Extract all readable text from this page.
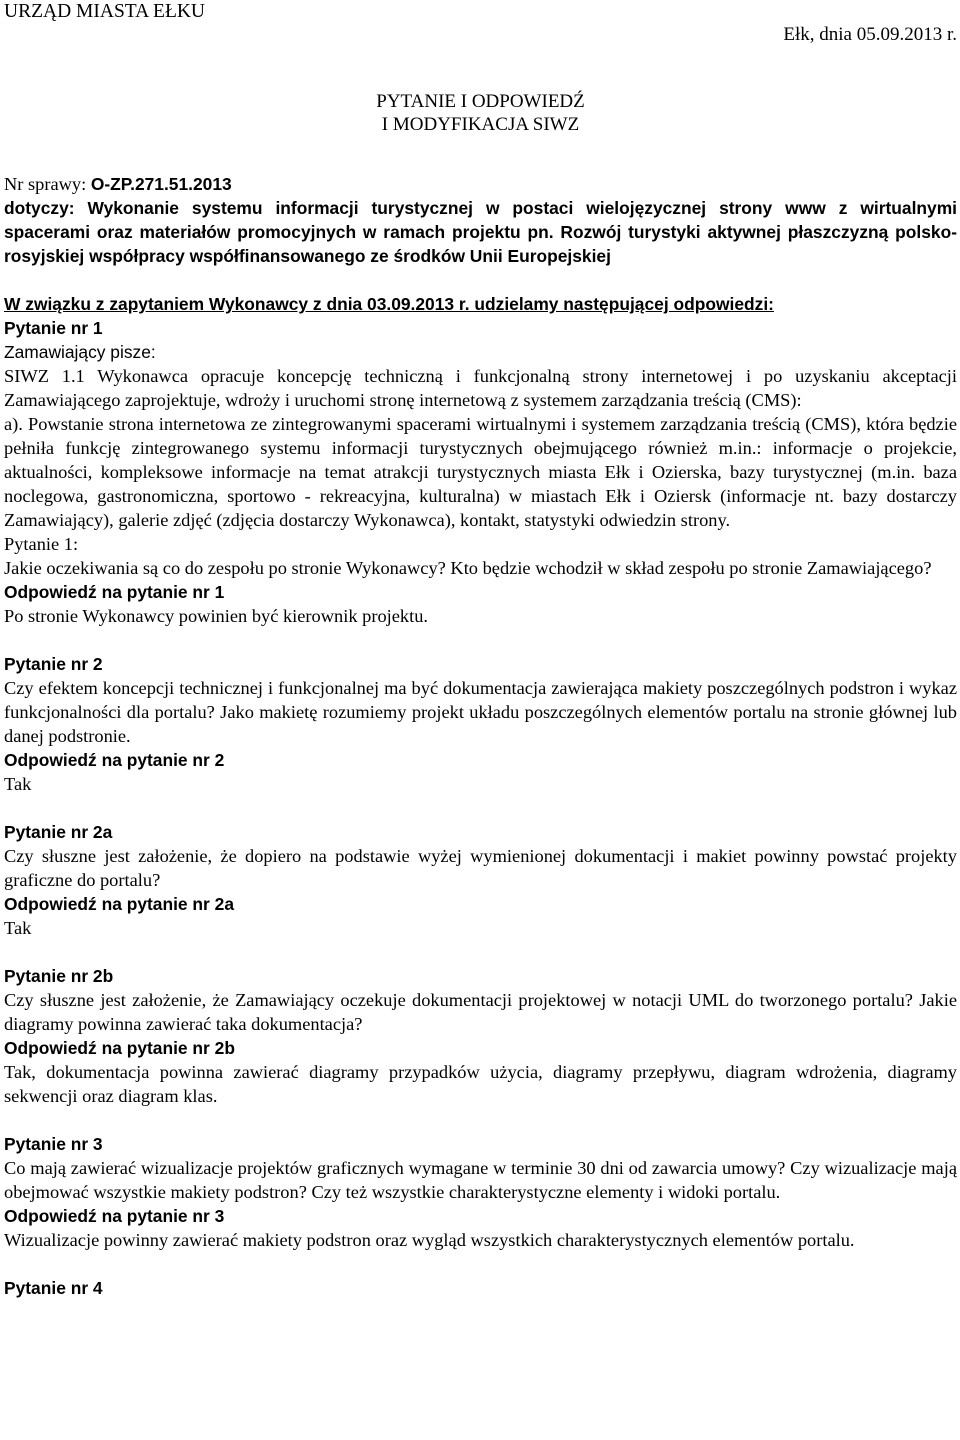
URZĄD MIASTA EŁKU
Ełk, dnia 05.09.2013 r.
PYTANIE I ODPOWIEDŹ
I MODYFIKACJA SIWZ

Nr sprawy: O-ZP.271.51.2013

dotyczy: Wykonanie systemu informacji turystycznej w postaci wielojęzycznej strony www z wirtualnymi spacerami oraz materiałów promocyjnych w ramach projektu pn. Rozwój turystyki aktywnej płaszczyzną polsko-rosyjskiej współpracy współfinansowanego ze środków Unii Europejskiej

W związku z zapytaniem Wykonawcy z dnia 03.09.2013 r. udzielamy następującej odpowiedzi:

Pytanie nr 1

Zamawiający pisze:

SIWZ 1.1 Wykonawca opracuje koncepcję techniczną i funkcjonalną strony internetowej i po uzyskaniu akceptacji Zamawiającego zaprojektuje, wdroży i uruchomi stronę internetową z systemem zarządzania treścią (CMS):

a). Powstanie strona internetowa ze zintegrowanymi spacerami wirtualnymi i systemem zarządzania treścią (CMS), która będzie pełniła funkcję zintegrowanego systemu informacji turystycznych obejmującego również m.in.: informacje o projekcie, aktualności, kompleksowe informacje na temat atrakcji turystycznych miasta Ełk i Ozierska, bazy turystycznej (m.in. baza noclegowa, gastronomiczna, sportowo - rekreacyjna, kulturalna) w miastach Ełk i Oziersk (informacje nt. bazy dostarczy Zamawiający), galerie zdjęć (zdjęcia dostarczy Wykonawca), kontakt, statystyki odwiedzin strony.

Pytanie 1:

Jakie oczekiwania są co do zespołu po stronie Wykonawcy? Kto będzie wchodził w skład zespołu po stronie Zamawiającego?

Odpowiedź na pytanie nr 1

Po stronie Wykonawcy powinien być kierownik projektu.

Pytanie nr 2

Czy efektem koncepcji technicznej i funkcjonalnej ma być dokumentacja zawierająca makiety poszczególnych podstron i wykaz funkcjonalności dla portalu? Jako makietę rozumiemy projekt układu poszczególnych elementów portalu na stronie głównej lub danej podstronie.

Odpowiedź na pytanie nr 2

Tak

Pytanie nr 2a

Czy słuszne jest założenie, że dopiero na podstawie wyżej wymienionej dokumentacji i makiet powinny powstać projekty graficzne do portalu?

Odpowiedź na pytanie nr 2a

Tak

Pytanie nr 2b

Czy słuszne jest założenie, że Zamawiający oczekuje dokumentacji projektowej w notacji UML do tworzonego portalu? Jakie diagramy powinna zawierać taka dokumentacja?

Odpowiedź na pytanie nr 2b

Tak, dokumentacja powinna zawierać diagramy przypadków użycia, diagramy przepływu, diagram wdrożenia, diagramy sekwencji oraz diagram klas.

Pytanie nr 3

Co mają zawierać wizualizacje projektów graficznych wymagane w terminie 30 dni od zawarcia umowy? Czy wizualizacje mają obejmować wszystkie makiety podstron? Czy też wszystkie charakterystyczne elementy i widoki portalu.

Odpowiedź na pytanie nr 3

Wizualizacje powinny zawierać makiety podstron oraz wygląd wszystkich charakterystycznych elementów portalu.

Pytanie nr 4
